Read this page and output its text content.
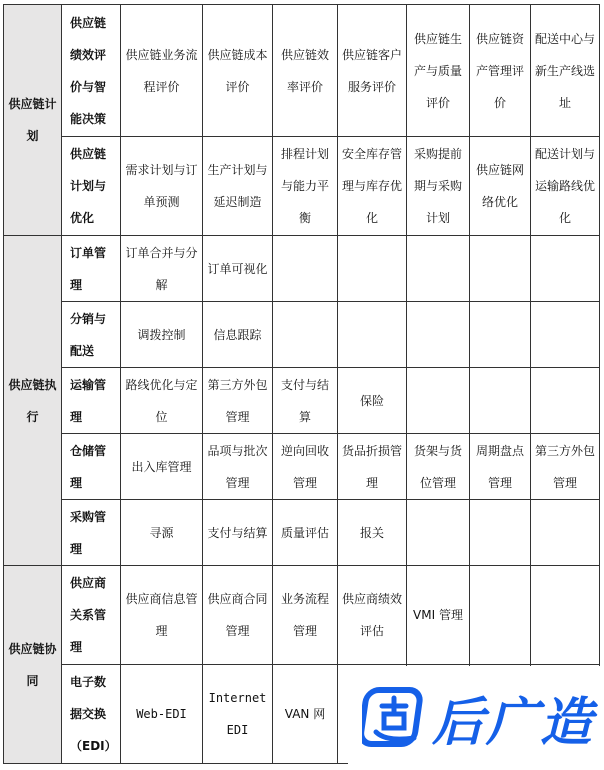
供应链计划	供应链绩效评价与智能决策	供应链业务流程评价	供应链成本评价	供应链效率评价	供应链客户服务评价	供应链生产与质量评价	供应链资产管理评价	配送中心与新生产线选址
	供应链计划与优化	需求计划与订单预测	生产计划与延迟制造	排程计划与能力平衡	安全库存管理与库存优化	采购提前期与采购计划	供应链网络优化	配送计划与运输路线优化
供应链执行	订单管理	订单合并与分解	订单可视化					
	分销与配送	调拨控制	信息跟踪					
	运输管理	路线优化与定位	第三方外包管理	支付与结算	保险			
	仓储管理	出入库管理	品项与批次管理	逆向回收管理	货品折损管理	货架与货位管理	周期盘点管理	第三方外包管理
	采购管理	寻源	支付与结算	质量评估	报关			
供应链协同	供应商关系管理	供应商信息管理	供应商合同管理	业务流程管理	供应商绩效评估	VMI 管理		
	电子数据交换（EDI）	Web-EDI	Internet EDI	VAN 网				后广造
